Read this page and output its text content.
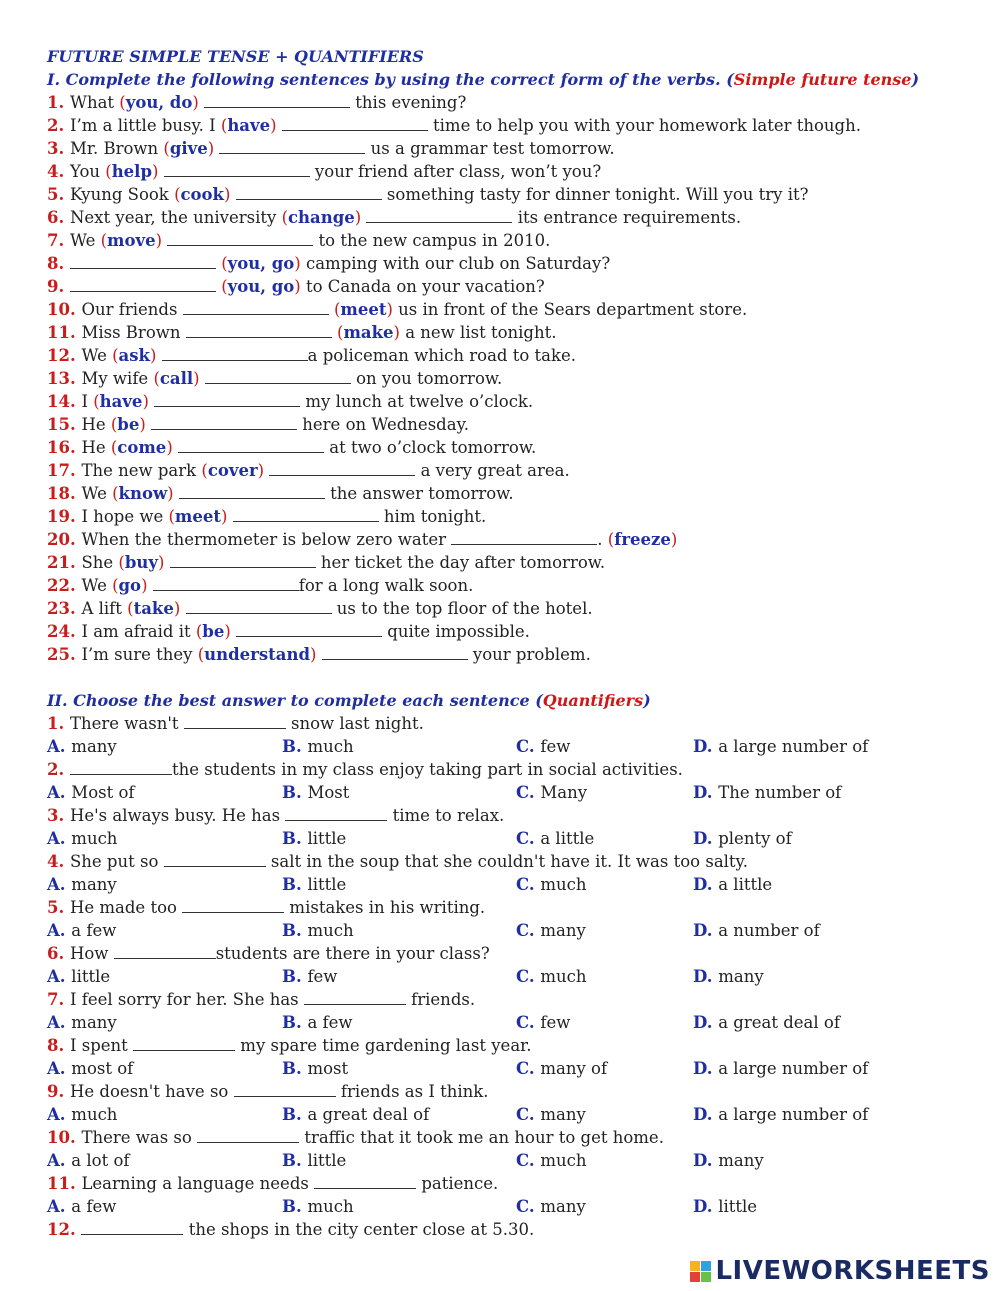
FUTURE SIMPLE TENSE + QUANTIFIERS
I. Complete the following sentences by using the correct form of the verbs. (Simple future tense)
1. What (you, do)	this evening?
2. I’m a little busy. I (have)	time to help you with your homework later though.
3. Mr. Brown (give)	us a grammar test tomorrow.
4. You (help)	your friend after class, won’t you?
5. Kyung Sook (cook)	something tasty for dinner tonight. Will you try it?
6. Next year, the university (change)	its entrance requirements.
7. We (move)	to the new campus in 2010.
8.	(you, go) camping with our club on Saturday?
9.	(you, go) to Canada on your vacation?
10. Our friends	(meet) us in front of the Sears department store.
11. Miss Brown	(make) a new list tonight.
12. We (ask)	a policeman which road to take.
13. My wife (call)	on you tomorrow.
14. I (have)	my lunch at twelve o’clock.
15. He (be)	here on Wednesday.
16. He (come)	at two o’clock tomorrow.
17. The new park (cover)	a very great area.
18. We (know)	the answer tomorrow.
19. I hope we (meet)	him tonight.
20. When the thermometer is below zero water	. (freeze)
21. She (buy)	her ticket the day after tomorrow.
22. We (go)	for a long walk soon.
23. A lift (take)	us to the top floor of the hotel.
24. I am afraid it (be)	quite impossible.
25. I’m sure they (understand)	your problem.
II. Choose the best answer to complete each sentence (Quantifiers)
1. There wasn't	snow last night.
A. many	B. much	C. few	D. a large number of
2.	the students in my class enjoy taking part in social activities.
A. Most of	B. Most	C. Many	D. The number of
3. He's always busy. He has	time to relax.
A. much	B. little	C. a little	D. plenty of
4. She put so	salt in the soup that she couldn't have it. It was too salty.
A. many	B. little	C. much	D. a little
5. He made too	mistakes in his writing.
A. a few	B. much	C. many	D. a number of
6. How	students are there in your class?
A. little	B. few	C. much	D. many
7. I feel sorry for her. She has	friends.
A. many	B. a few	C. few	D. a great deal of
8. I spent	my spare time gardening last year.
A. most of	B. most	C. many of	D. a large number of
9. He doesn't have so	friends as I think.
A. much	B. a great deal of	C. many	D. a large number of
10. There was so	traffic that it took me an hour to get home.
A. a lot of	B. little	C. much	D. many
11. Learning a language needs	patience.
A. a few	B. much	C. many	D. little
12.	the shops in the city center close at 5.30.
LIVEWORKSHEETS
